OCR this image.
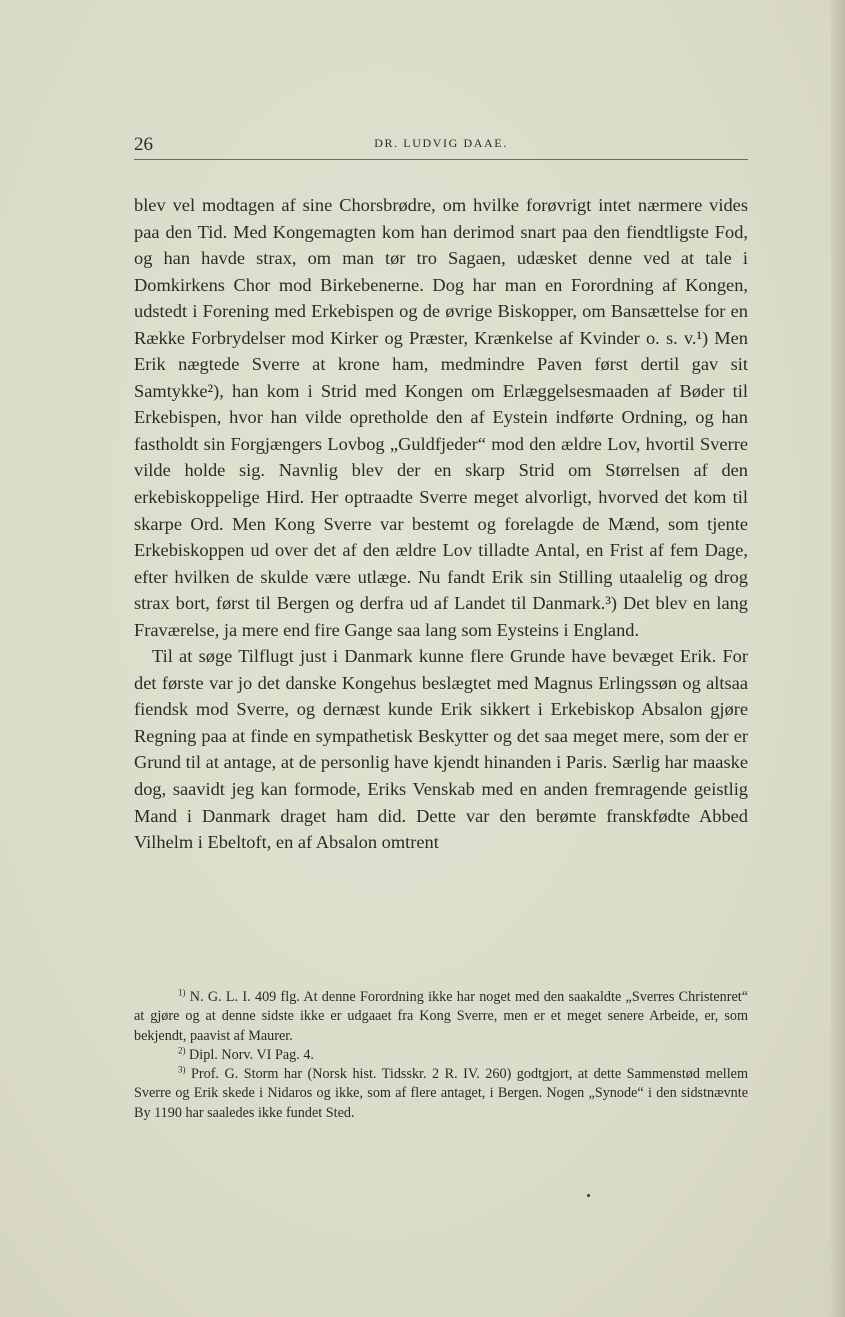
26	DR. LUDVIG DAAE.

blev vel modtagen af sine Chorsbrødre, om hvilke forøvrigt intet nærmere vides paa den Tid. Med Kongemagten kom han derimod snart paa den fiendtligste Fod, og han havde strax, om man tør tro Sagaen, udæsket denne ved at tale i Domkirkens Chor mod Birkebenerne. Dog har man en Forordning af Kongen, udstedt i Forening med Erkebispen og de øvrige Biskopper, om Bansættelse for en Række Forbrydelser mod Kirker og Præster, Krænkelse af Kvinder o. s. v.¹) Men Erik nægtede Sverre at krone ham, medmindre Paven først dertil gav sit Samtykke²), han kom i Strid med Kongen om Erlæggelsesmaaden af Bøder til Erkebispen, hvor han vilde opretholde den af Eystein indførte Ordning, og han fastholdt sin Forgjængers Lovbog „Guldfjeder“ mod den ældre Lov, hvortil Sverre vilde holde sig. Navnlig blev der en skarp Strid om Størrelsen af den erkebiskoppelige Hird. Her optraadte Sverre meget alvorligt, hvorved det kom til skarpe Ord. Men Kong Sverre var bestemt og forelagde de Mænd, som tjente Erkebiskoppen ud over det af den ældre Lov tilladte Antal, en Frist af fem Dage, efter hvilken de skulde være utlæge. Nu fandt Erik sin Stilling utaalelig og drog strax bort, først til Bergen og derfra ud af Landet til Danmark.³) Det blev en lang Fraværelse, ja mere end fire Gange saa lang som Eysteins i England.

Til at søge Tilflugt just i Danmark kunne flere Grunde have bevæget Erik. For det første var jo det danske Kongehus beslægtet med Magnus Erlingssøn og altsaa fiendsk mod Sverre, og dernæst kunde Erik sikkert i Erkebiskop Absalon gjøre Regning paa at finde en sympathetisk Beskytter og det saa meget mere, som der er Grund til at antage, at de personlig have kjendt hinanden i Paris. Særlig har maaske dog, saavidt jeg kan formode, Eriks Venskab med en anden fremragende geistlig Mand i Danmark draget ham did. Dette var den berømte franskfødte Abbed Vilhelm i Ebeltoft, en af Absalon omtrent

$^{1)}$ N. G. L. I. 409 flg. At denne Forordning ikke har noget med den saakaldte „Sverres Christenret“ at gjøre og at denne sidste ikke er udgaaet fra Kong Sverre, men er et meget senere Arbeide, er, som bekjendt, paavist af Maurer.

$^{2)}$ Dipl. Norv. VI Pag. 4.

$^{3)}$ Prof. G. Storm har (Norsk hist. Tidsskr. 2 R. IV. 260) godtgjort, at dette Sammenstød mellem Sverre og Erik skede i Nidaros og ikke, som af flere antaget, i Bergen. Nogen „Synode“ i den sidstnævnte By 1190 har saaledes ikke fundet Sted.
